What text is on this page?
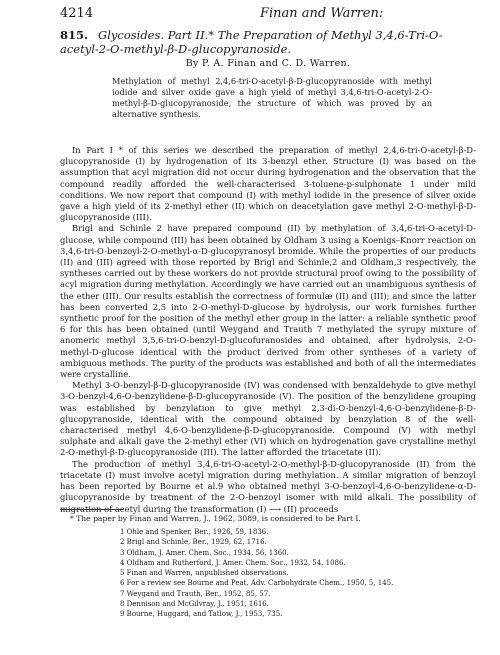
4214	Finan and Warren:
815. Glycosides. Part II.* The Preparation of Methyl 3,4,6-Tri-O-acetyl-2-O-methyl-β-D-glucopyranoside.
By P. A. Finan and C. D. Warren.
Methylation of methyl 2,4,6-tri-O-acetyl-β-D-glucopyranoside with methyl iodide and silver oxide gave a high yield of methyl 3,4,6-tri-O-acetyl-2-O-methyl-β-D-glucopyranoside, the structure of which was proved by an alternative synthesis.

In Part I * of this series we described the preparation of methyl 2,4,6-tri-O-acetyl-β-D-glucopyranoside (I) by hydrogenation of its 3-benzyl ether. Structure (I) was based on the assumption that acyl migration did not occur during hydrogenation and the observation that the compound readily afforded the well-characterised 3-toluene-p-sulphonate 1 under mild conditions. We now report that compound (I) with methyl iodide in the presence of silver oxide gave a high yield of its 2-methyl ether (II) which on deacetylation gave methyl 2-O-methyl-β-D-glucopyranoside (III).

Brigl and Schinle 2 have prepared compound (II) by methylation of 3,4,6-tri-O-acetyl-D-glucose, while compound (III) has been obtained by Oldham 3 using a Koenigs–Knorr reaction on 3,4,6-tri-O-benzoyl-2-O-methyl-α-D-glucopyranosyl bromide. While the properties of our products (II) and (III) agreed with those reported by Brigl and Schinle,2 and Oldham,3 respectively, the syntheses carried out by these workers do not provide structural proof owing to the possibility of acyl migration during methylation. Accordingly we have carried out an unambiguous synthesis of the ether (III). Our results establish the correctness of formulæ (II) and (III); and since the latter has been converted 2,5 into 2-O-methyl-D-glucose by hydrolysis, our work furnishes further synthetic proof for the position of the methyl ether group in the latter: a reliable synthetic proof 6 for this has been obtained (until Weygand and Trauth 7 methylated the syrupy mixture of anomeric methyl 3,5,6-tri-O-benzyl-D-glucofuranosides and obtained, after hydrolysis, 2-O-methyl-D-glucose identical with the product derived from other syntheses of a variety of ambiguous methods. The purity of the products was established and both of all the intermediates were crystalline.

Methyl 3-O-benzyl-β-D-glucopyranoside (IV) was condensed with benzaldehyde to give methyl 3-O-benzyl-4,6-O-benzylidene-β-D-glucopyranoside (V). The position of the benzylidene grouping was established by benzylation to give methyl 2,3-di-O-benzyl-4,6-O-benzylidene-β-D-glucopyranoside, identical with the compound obtained by benzylation 8 of the well-characterised methyl 4,6-O-benzylidene-β-D-glucopyranoside. Compound (V) with methyl sulphate and alkali gave the 2-methyl ether (VI) which on hydrogenation gave crystalline methyl 2-O-methyl-β-D-glucopyranoside (III). The latter afforded the triacetate (II).

The production of methyl 3,4,6-tri-O-acetyl-2-O-methyl-β-D-glucopyranoside (II) from the triacetate (I) must involve acetyl migration during methylation. A similar migration of benzoyl has been reported by Bourne et al.9 who obtained methyl 3-O-benzoyl-4,6-O-benzylidene-α-D-glucopyranoside by treatment of the 2-O-benzoyl isomer with mild alkali. The possibility of migration of acetyl during the transformation (I) ⟶ (II) proceeds

* The paper by Finan and Warren, J., 1962, 3089, is considered to be Part I.
1 Ohle and Spenker, Ber., 1926, 59, 1836.
2 Brigl and Schinle, Ber., 1929, 62, 1716.
3 Oldham, J. Amer. Chem. Soc., 1934, 56, 1360.
4 Oldham and Rutherford, J. Amer. Chem. Soc., 1932, 54, 1086.
5 Finan and Warren, unpublished observations.
6 For a review see Bourne and Peat, Adv. Carbohydrate Chem., 1950, 5, 145.
7 Weygand and Trauth, Ber., 1952, 85, 57.
8 Dennison and McGilvray, J., 1951, 1616.
9 Bourne, Huggard, and Tatlow, J., 1953, 735.
